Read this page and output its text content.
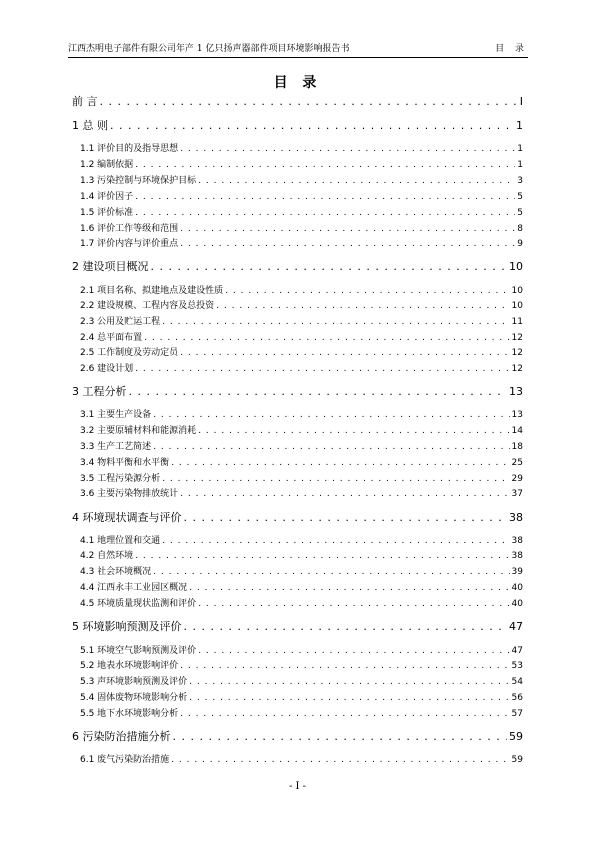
江西杰明电子部件有限公司年产 1 亿只扬声器部件项目环境影响报告书	目 录
目 录
前 言 . . .	I
1 总 则 . . .	1
1.1 评价目的及指导思想 . . .	1
1.2 编制依据 . . .	1
1.3 污染控制与环境保护目标 . . .	3
1.4 评价因子 . . .	5
1.5 评价标准 . . .	5
1.6 评价工作等级和范围 . . .	8
1.7 评价内容与评价重点 . . .	9
2 建设项目概况 . . .	10
2.1 项目名称、拟建地点及建设性质 . . .	10
2.2 建设规模、工程内容及总投资 . . .	10
2.3 公用及贮运工程 . . .	11
2.4 总平面布置 . . .	12
2.5 工作制度及劳动定员 . . .	12
2.6 建设计划 . . .	12
3 工程分析 . . .	13
3.1 主要生产设备 . . .	13
3.2 主要原辅材料和能源消耗 . . .	14
3.3 生产工艺简述 . . .	18
3.4 物料平衡和水平衡 . . .	25
3.5 工程污染源分析 . . .	29
3.6 主要污染物排放统计 . . .	37
4 环境现状调查与评价 . . .	38
4.1 地理位置和交通 . . .	38
4.2 自然环境 . . .	38
4.3 社会环境概况 . . .	39
4.4 江西永丰工业园区概况 . . .	40
4.5 环境质量现状监测和评价 . . .	40
5 环境影响预测及评价 . . .	47
5.1 环境空气影响预测及评价 . . .	47
5.2 地表水环境影响评价 . . .	53
5.3 声环境影响预测及评价 . . .	54
5.4 固体废物环境影响分析 . . .	56
5.5 地下水环境影响分析 . . .	57
6 污染防治措施分析 . . .	59
6.1 废气污染防治措施 . . .	59
- I -
